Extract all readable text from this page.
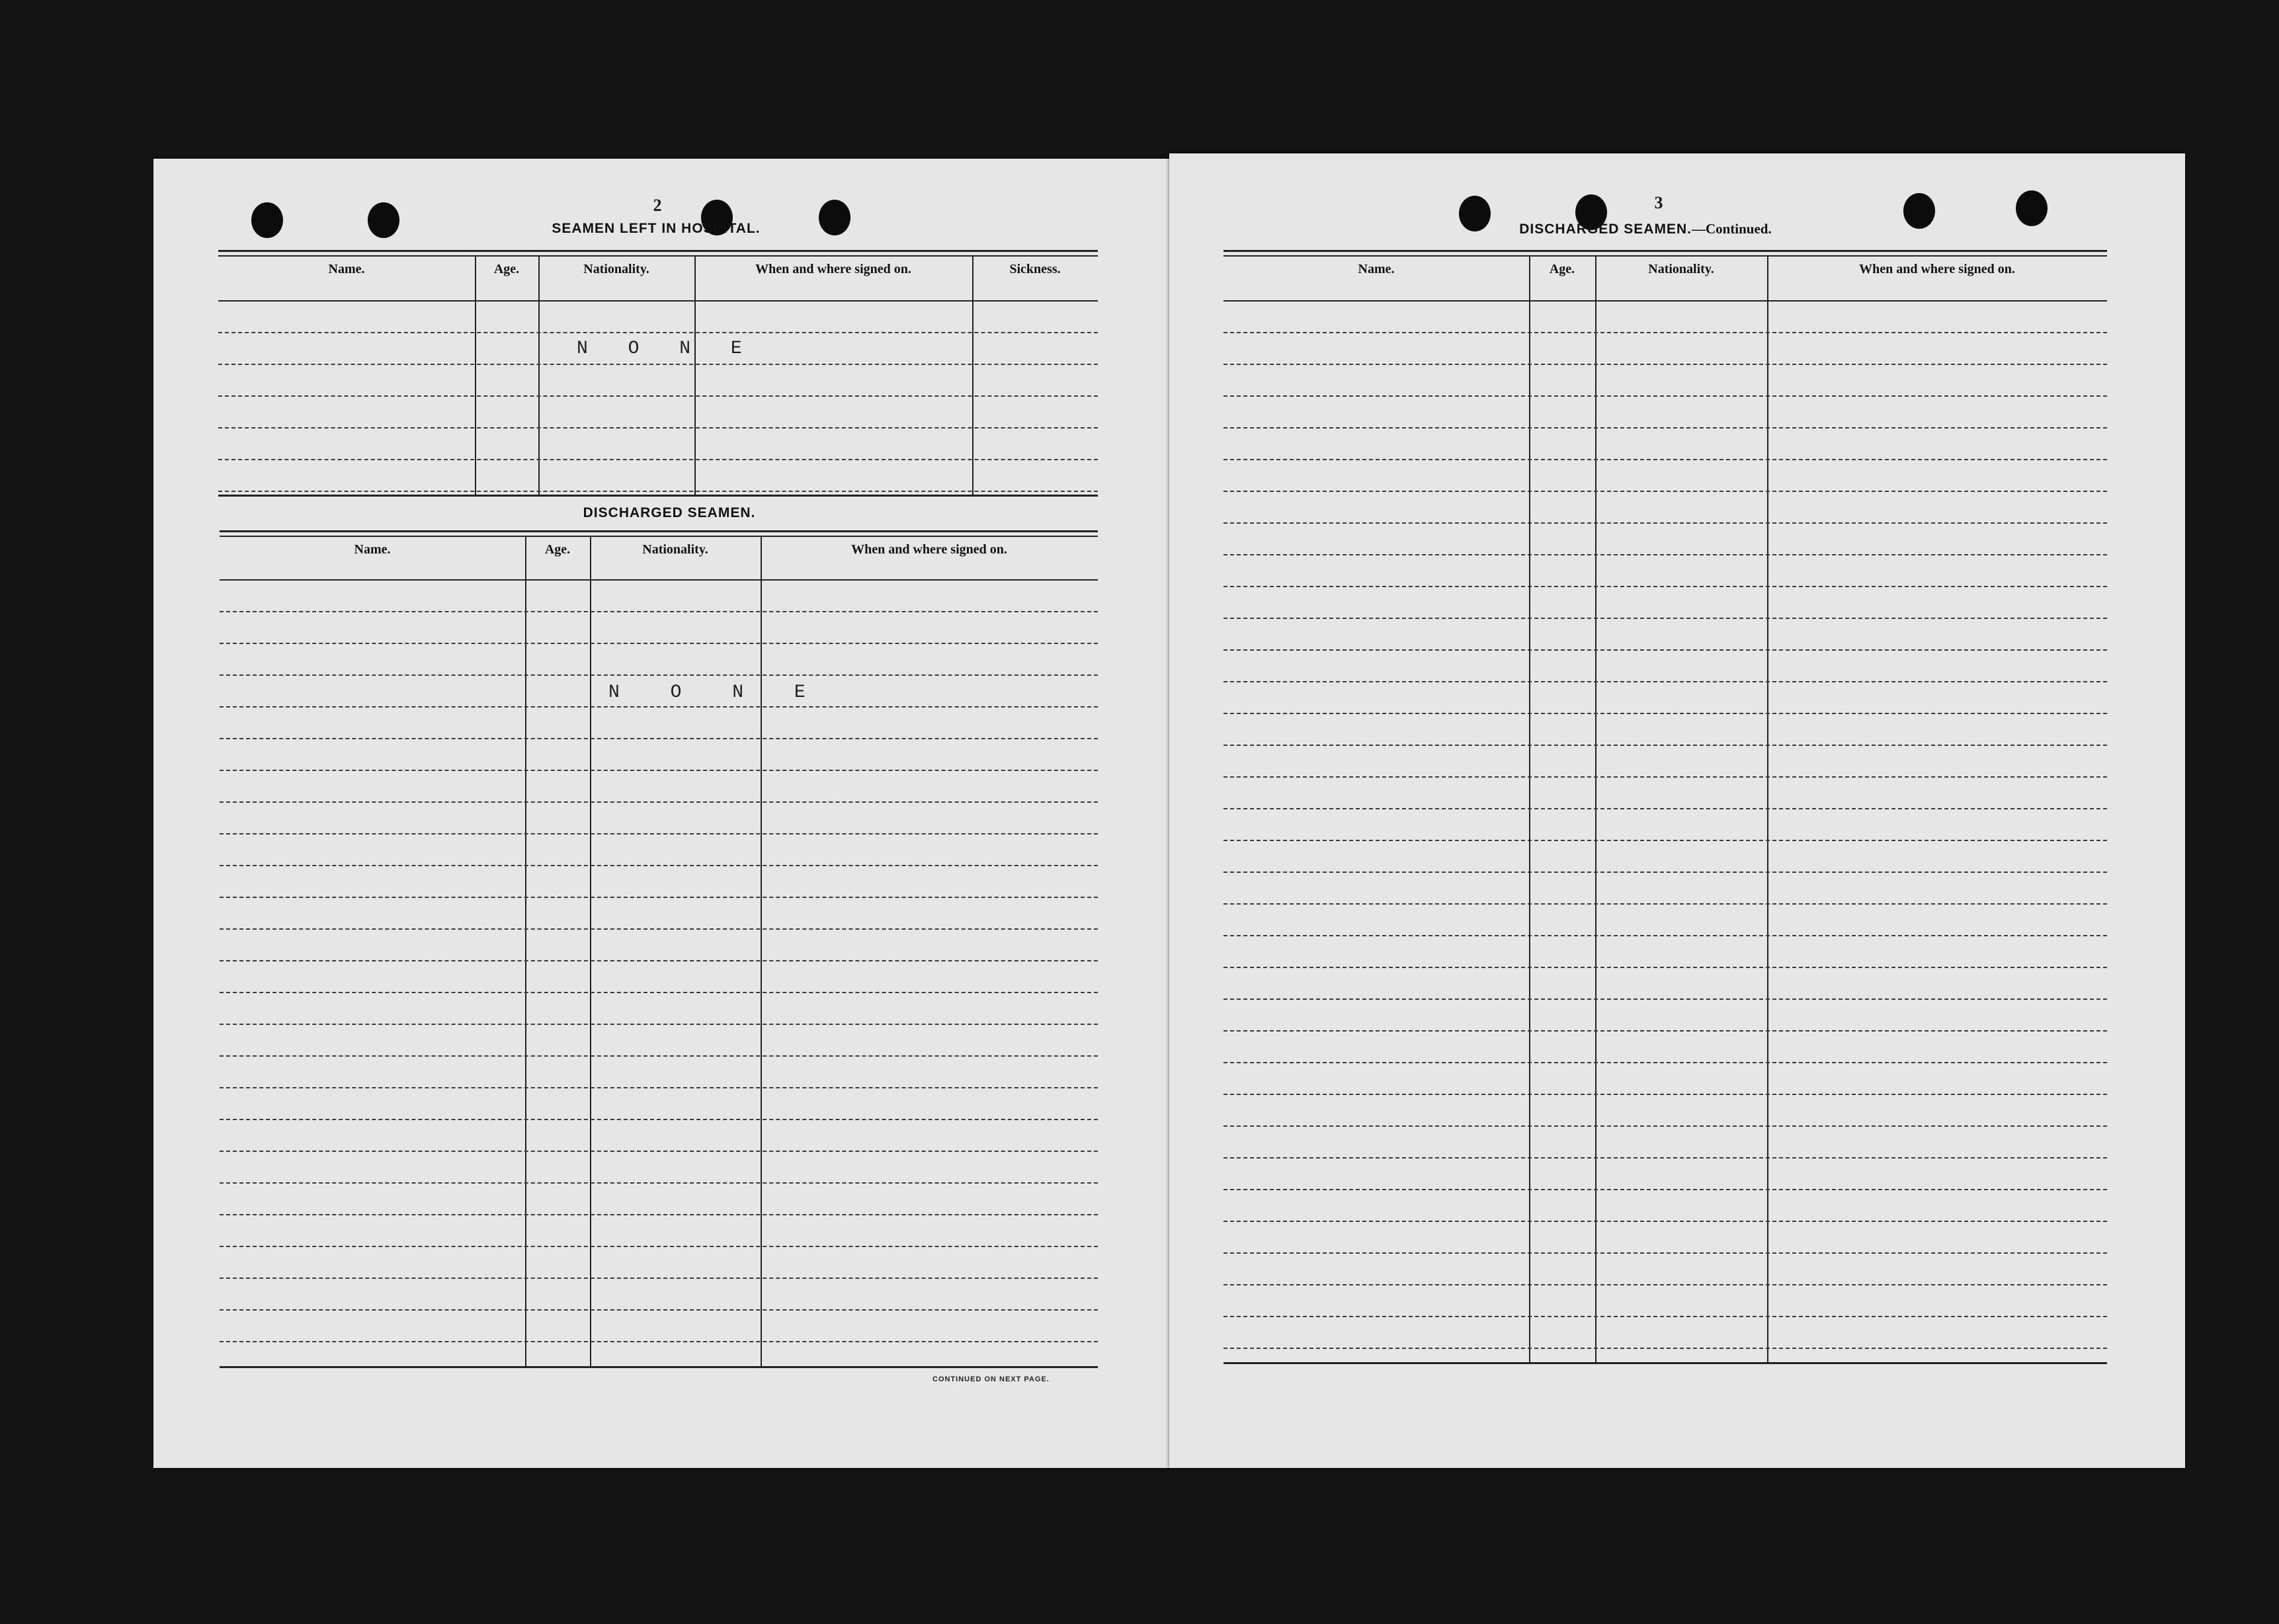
2
SEAMEN LEFT IN HOSPITAL.
Name.	Age.	Nationality.	When and where signed on.	Sickness.
DISCHARGED SEAMEN.
Name.	Age.	Nationality.	When and where signed on.
N O N E
N O N E
CONTINUED ON NEXT PAGE.
3
DISCHARGED SEAMEN.—Continued.
Name.	Age.	Nationality.	When and where signed on.
